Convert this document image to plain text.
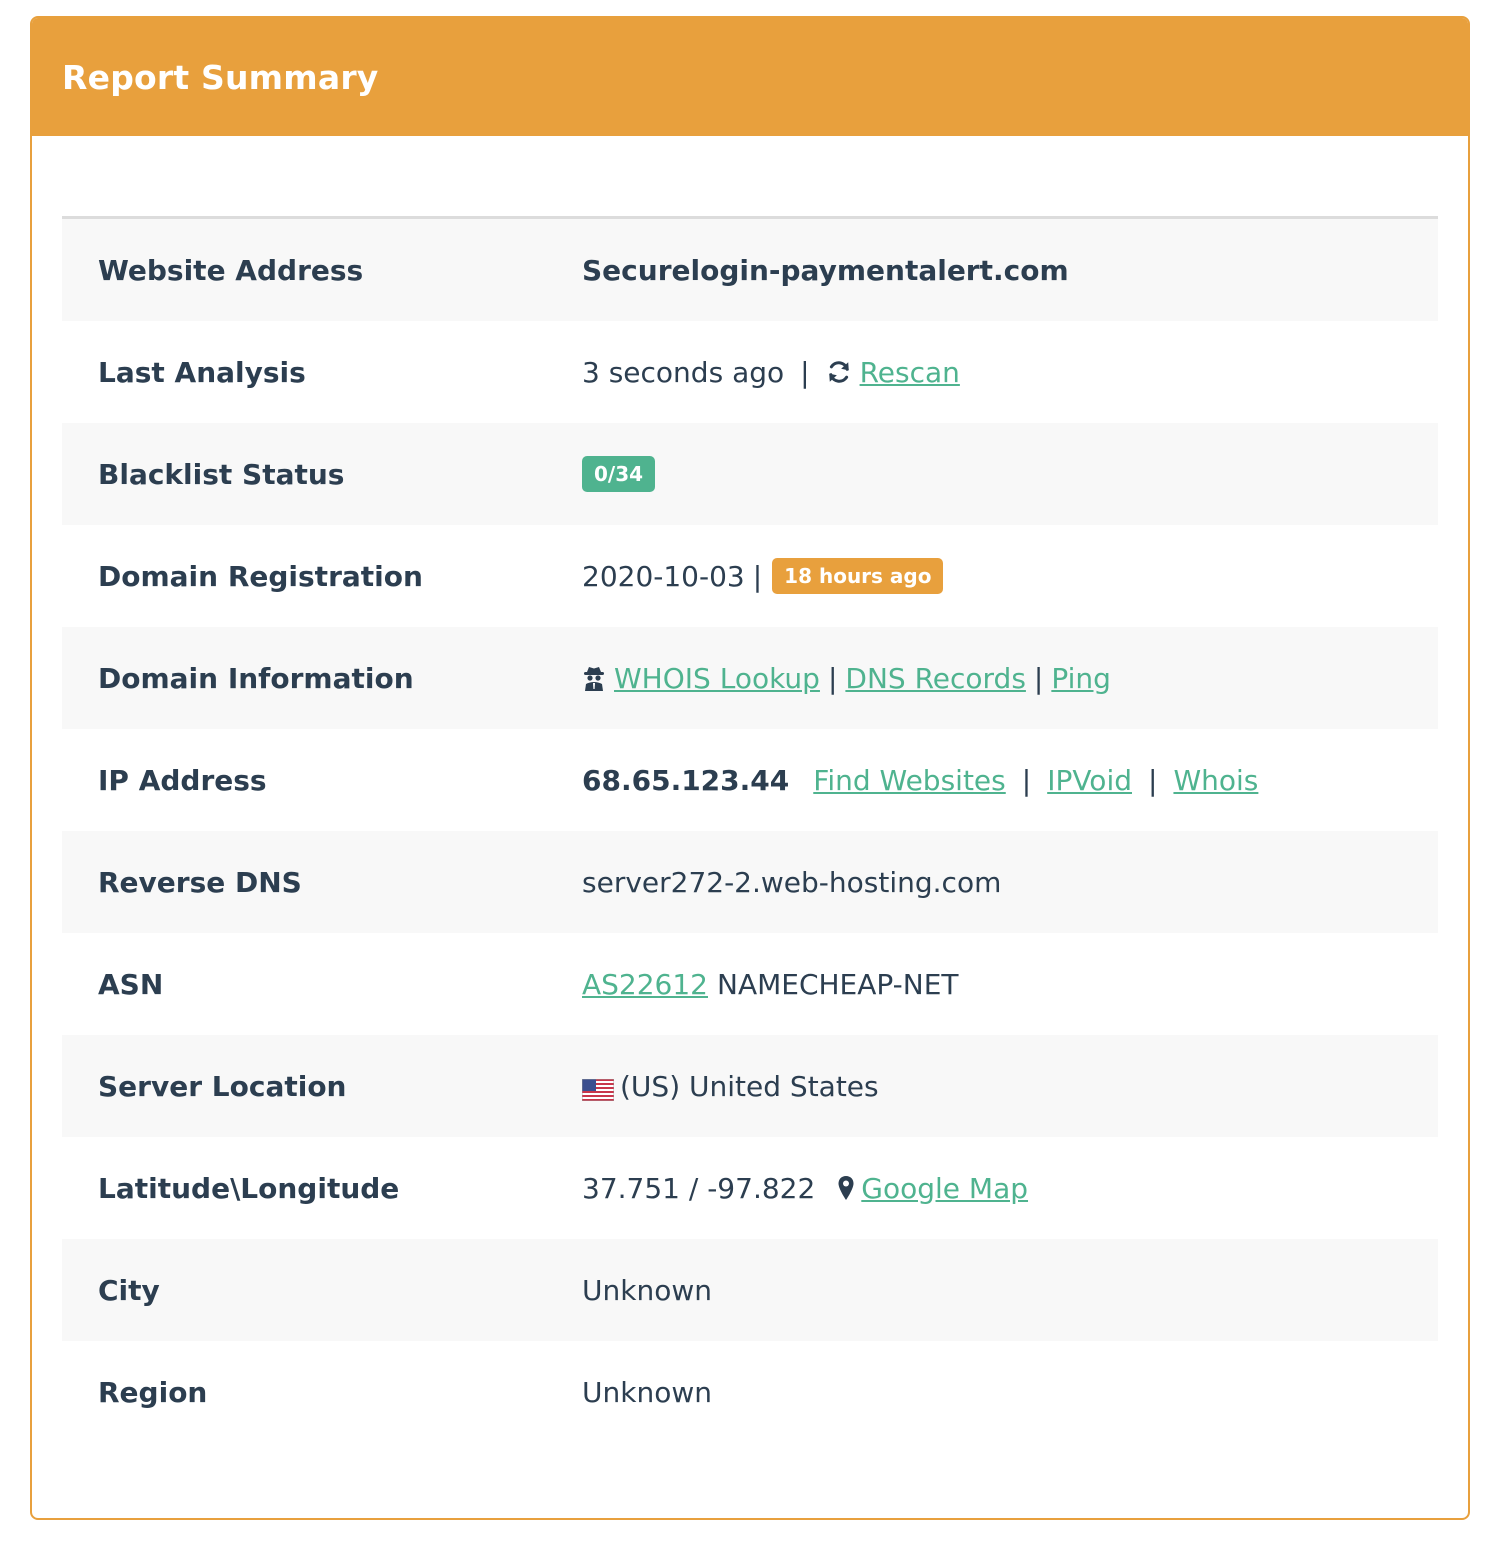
Report Summary
Website Address	Securelogin-paymentalert.com
Last Analysis	3 seconds ago | Rescan
Blacklist Status	0/34
Domain Registration	2020-10-03 |	18 hours ago
Domain Information	WHOIS Lookup | DNS Records | Ping
IP Address	68.65.123.44 Find Websites | IPVoid | Whois
Reverse DNS	server272-2.web-hosting.com
ASN	AS22612 NAMECHEAP-NET
Server Location	(US) United States
Latitude\Longitude	37.751 / -97.822 Google Map
City	Unknown
Region	Unknown
